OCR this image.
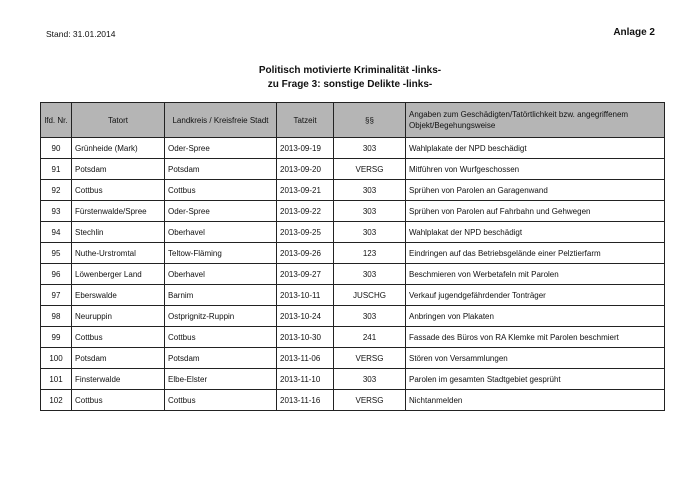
Stand: 31.01.2014	Anlage 2
Politisch motivierte Kriminalität -links-
zu Frage 3: sonstige Delikte -links-
lfd. Nr.	Tatort	Landkreis / Kreisfreie Stadt	Tatzeit	§§	Angaben zum Geschädigten/Tatörtlichkeit bzw. angegriffenem Objekt/Begehungsweise
90	Grünheide (Mark)	Oder-Spree	2013-09-19	303	Wahlplakate der NPD beschädigt
91	Potsdam	Potsdam	2013-09-20	VERSG	Mitführen von Wurfgeschossen
92	Cottbus	Cottbus	2013-09-21	303	Sprühen von Parolen an Garagenwand
93	Fürstenwalde/Spree	Oder-Spree	2013-09-22	303	Sprühen von Parolen auf Fahrbahn und Gehwegen
94	Stechlin	Oberhavel	2013-09-25	303	Wahlplakat der NPD beschädigt
95	Nuthe-Urstromtal	Teltow-Fläming	2013-09-26	123	Eindringen auf das Betriebsgelände einer Pelztierfarm
96	Löwenberger Land	Oberhavel	2013-09-27	303	Beschmieren von Werbetafeln mit Parolen
97	Eberswalde	Barnim	2013-10-11	JUSCHG	Verkauf jugendgefährdender Tonträger
98	Neuruppin	Ostprignitz-Ruppin	2013-10-24	303	Anbringen von Plakaten
99	Cottbus	Cottbus	2013-10-30	241	Fassade des Büros von RA Klemke mit Parolen beschmiert
100	Potsdam	Potsdam	2013-11-06	VERSG	Stören von Versammlungen
101	Finsterwalde	Elbe-Elster	2013-11-10	303	Parolen im gesamten Stadtgebiet gesprüht
102	Cottbus	Cottbus	2013-11-16	VERSG	Nichtanmelden
